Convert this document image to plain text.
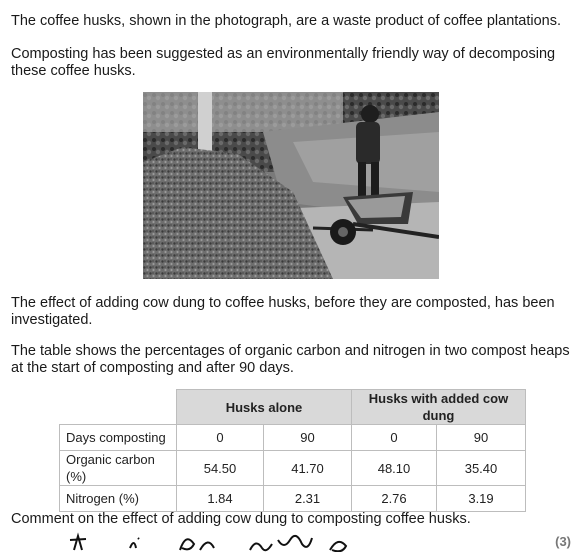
The coffee husks, shown in the photograph, are a waste product of coffee plantations.

Composting has been suggested as an environmentally friendly way of decomposing these coffee husks.

The effect of adding cow dung to coffee husks, before they are composted, has been investigated.

The table shows the percentages of organic carbon and nitrogen in two compost heaps at the start of composting and after 90 days.

	Husks alone		Husks with added cow dung	
Days composting	0	90	0	90
Organic carbon (%)	54.50	41.70	48.10	35.40
Nitrogen (%)	1.84	2.31	2.76	3.19

Comment on the effect of adding cow dung to composting coffee husks.

(3)
